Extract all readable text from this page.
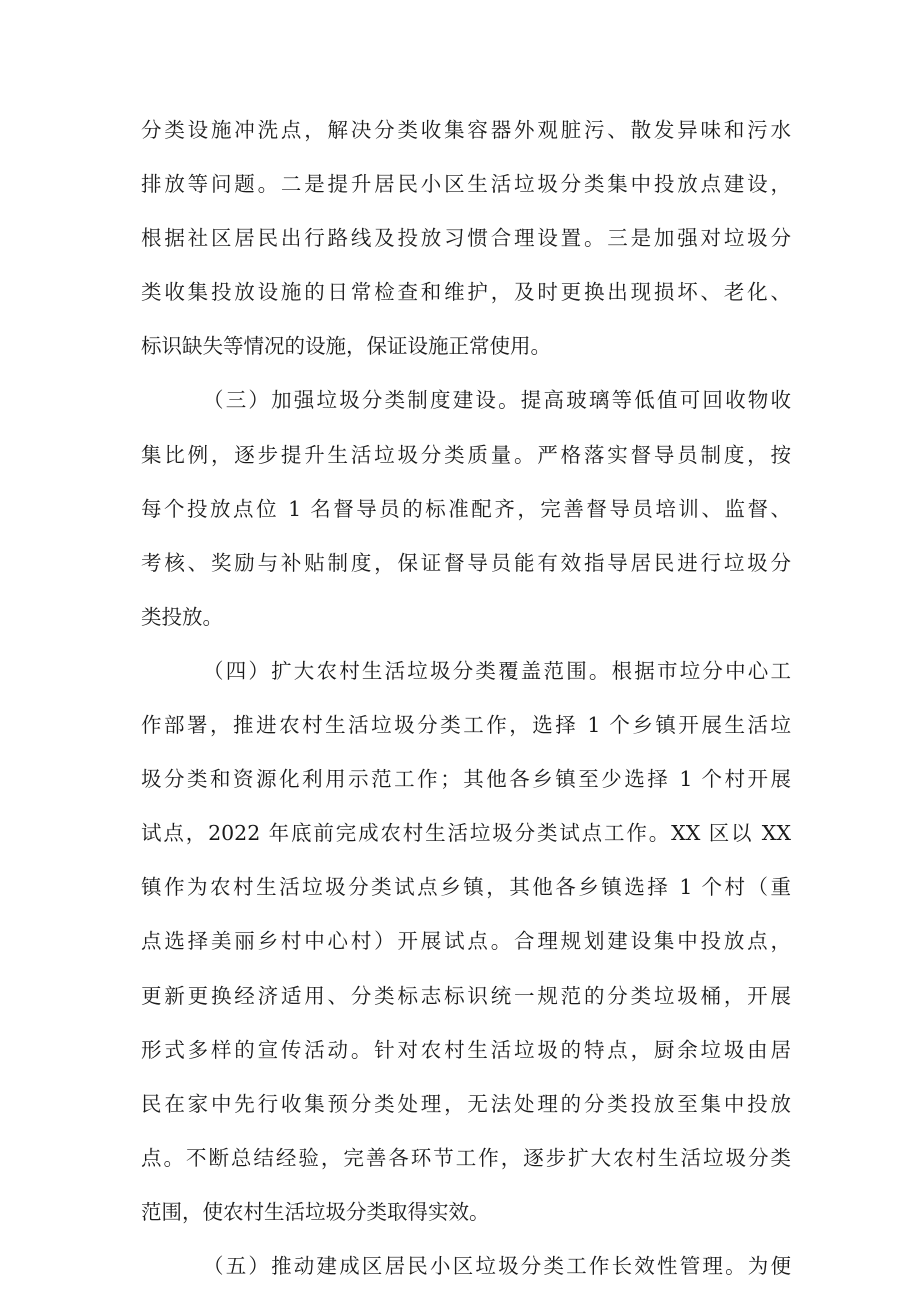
分类设施冲洗点，解决分类收集容器外观脏污、散发异味和污水
排放等问题。二是提升居民小区生活垃圾分类集中投放点建设，
根据社区居民出行路线及投放习惯合理设置。三是加强对垃圾分
类收集投放设施的日常检查和维护，及时更换出现损坏、老化、
标识缺失等情况的设施，保证设施正常使用。
（三）加强垃圾分类制度建设。提高玻璃等低值可回收物收
集比例，逐步提升生活垃圾分类质量。严格落实督导员制度，按
每个投放点位 1 名督导员的标准配齐，完善督导员培训、监督、
考核、奖励与补贴制度，保证督导员能有效指导居民进行垃圾分
类投放。
（四）扩大农村生活垃圾分类覆盖范围。根据市垃分中心工
作部署，推进农村生活垃圾分类工作，选择 1 个乡镇开展生活垃
圾分类和资源化利用示范工作；其他各乡镇至少选择 1 个村开展
试点，2022 年底前完成农村生活垃圾分类试点工作。XX 区以 XX
镇作为农村生活垃圾分类试点乡镇，其他各乡镇选择 1 个村（重
点选择美丽乡村中心村）开展试点。合理规划建设集中投放点，
更新更换经济适用、分类标志标识统一规范的分类垃圾桶，开展
形式多样的宣传活动。针对农村生活垃圾的特点，厨余垃圾由居
民在家中先行收集预分类处理，无法处理的分类投放至集中投放
点。不断总结经验，完善各环节工作，逐步扩大农村生活垃圾分类
范围，使农村生活垃圾分类取得实效。
（五）推动建成区居民小区垃圾分类工作长效性管理。为便
